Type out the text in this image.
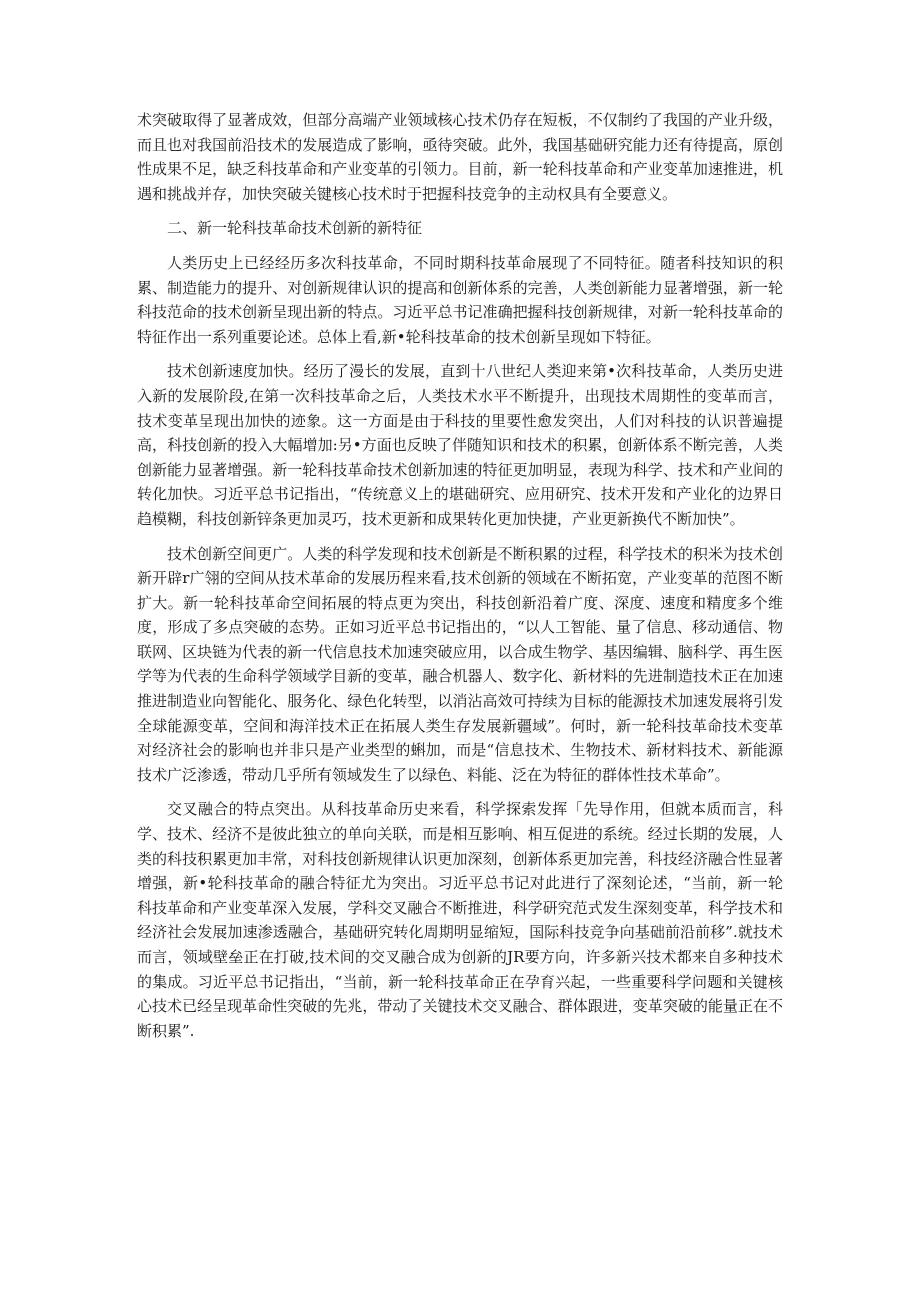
术突破取得了显著成效，但部分高端产业领域核心技术仍存在短板，不仅制约了我国的产业升级，而且也对我国前沿技术的发展造成了影响，亟待突破。此外，我国基础研究能力还有待提高，原创性成果不足，缺乏科技革命和产业变革的引领力。目前，新一轮科技革命和产业变革加速推进，机遇和挑战并存，加快突破关键核心技术时于把握科技竞争的主动权具有全要意义。

二、新一轮科技革命技术创新的新特征

人类历史上已经经历多次科技革命，不同时期科技革命展现了不同特征。随者科技知识的积累、制造能力的提升、对创新规律认识的提高和创新体系的完善，人类创新能力显著增强，新一轮科技范命的技术创新呈现出新的特点。习近平总书记准确把握科技创新规律，对新一轮科技革命的特征作出一系列重要论述。总体上看,新•轮科技革命的技术创新呈现如下特征。

技术创新速度加快。经历了漫长的发展，直到十八世纪人类迎来第•次科技革命，人类历史进入新的发展阶段,在第一次科技革命之后，人类技术水平不断提升，出现技术周期性的变革而言，技术变革呈现出加快的迹象。这一方面是由于科技的里要性愈发突出，人们对科技的认识普遍提高，科技创新的投入大幅增加:另•方面也反映了伴随知识和技术的积累，创新体系不断完善，人类创新能力显著增强。新一轮科技革命技术创新加速的特征更加明显，表现为科学、技术和产业间的转化加快。习近平总书记指出，“传统意义上的堪础研究、应用研究、技术开发和产业化的边界日趋模糊，科技创新锌条更加灵巧，技术更新和成果转化更加快捷，产业更新换代不断加快”。

技术创新空间更广。人类的科学发现和技术创新是不断积累的过程，科学技术的积米为技术创新开辟r广翎的空间从技术革命的发展历程来看,技术创新的领域在不断拓宽，产业变革的范图不断扩大。新一轮科技革命空间拓展的特点更为突出，科技创新沿着广度、深度、速度和精度多个维度，形成了多点突破的态势。正如习近平总书记指出的，“以人工智能、量了信息、移动通信、物联网、区块链为代表的新一代信息技术加速突破应用，以合成生物学、基因编辑、脑科学、再生医学等为代表的生命科学领域学目新的变革，融合机器人、数字化、新材料的先进制造技术正在加速推进制造业向智能化、服务化、绿色化转型，以消沾高效可持续为目标的能源技术加速发展将引发全球能源变革，空间和海洋技术正在拓展人类生存发展新疆域”。何时，新一轮科技革命技术变革对经济社会的影响也并非只是产业类型的蝌加，而是“信息技术、生物技术、新材料技术、新能源技术广泛渗透，带动几乎所有领域发生了以绿色、料能、泛在为特征的群体性技术革命”。

交叉融合的特点突出。从科技革命历史来看，科学探索发挥「先导作用，但就本质而言，科学、技术、经济不是彼此独立的单向关联，而是相互影响、相互促进的系统。经过长期的发展，人类的科技积累更加丰常，对科技创新规律认识更加深刻，创新体系更加完善，科技经济融合性显著增强，新•轮科技革命的融合特征尤为突出。习近平总书记对此进行了深刻论述，“当前，新一轮科技革命和产业变革深入发展，学科交叉融合不断推进，科学研究范式发生深刻变革，科学技术和经济社会发展加速渗透融合，基础研究转化周期明显缩短，国际科技竞争向基础前沿前移”.就技术而言，领域壁垒正在打破,技术间的交叉融合成为创新的JR要方向，许多新兴技术都来自多种技术的集成。习近平总书记指出，“当前，新一轮科技革命正在孕育兴起，一些重要科学问题和关键核心技术已经呈现革命性突破的先兆，带动了关键技术交叉融合、群体跟进，变革突破的能量正在不断积累”.
